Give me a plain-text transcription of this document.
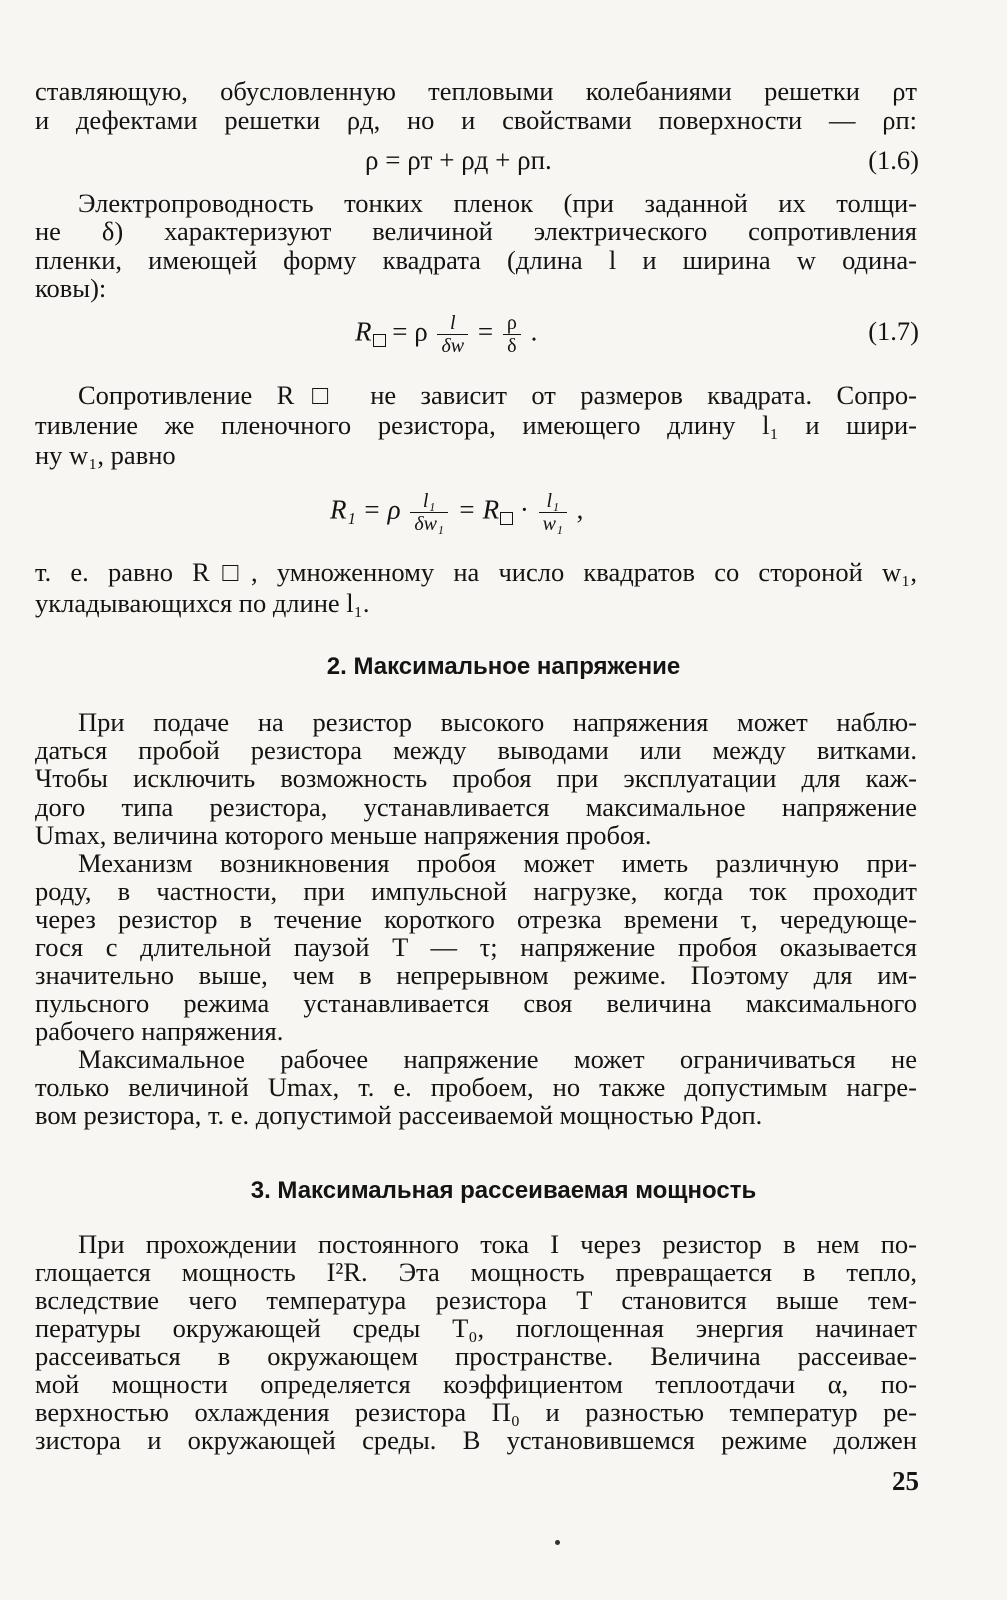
ставляющую, обусловленную тепловыми колебаниями решетки ρт
и дефектами решетки ρд, но и свойствами поверхности — ρп:
ρ = ρт + ρд + ρп.	(1.6)
Электропроводность тонких пленок (при заданной их толщи-
не δ) характеризуют величиной электрического сопротивления
пленки, имеющей форму квадрата (длина l и ширина w одина-
ковы):
R = ρ $\frac{l}{\delta w} = \frac{\rho}{\delta}$ .	(1.7)
Сопротивление R□ не зависит от размеров квадрата. Сопро-
тивление же пленочного резистора, имеющего длину l₁ и шири-
ну w₁, равно
R₁ = ρ $\frac{\text{l₁}}{\text{δw₁}} = R \cdot \frac{\text{l₁}}{\text{w₁}}$ ,
т. е. равно R□, умноженному на число квадратов со стороной w₁,
укладывающихся по длине l₁.
2. Максимальное напряжение
При подаче на резистор высокого напряжения может наблю-
даться пробой резистора между выводами или между витками.
Чтобы исключить возможность пробоя при эксплуатации для каж-
дого типа резистора, устанавливается максимальное напряжение
Umax, величина которого меньше напряжения пробоя.
Механизм возникновения пробоя может иметь различную при-
роду, в частности, при импульсной нагрузке, когда ток проходит
через резистор в течение короткого отрезка времени τ, чередующе-
гося с длительной паузой T — τ; напряжение пробоя оказывается
значительно выше, чем в непрерывном режиме. Поэтому для им-
пульсного режима устанавливается своя величина максимального
рабочего напряжения.
Максимальное рабочее напряжение может ограничиваться не
только величиной Umax, т. е. пробоем, но также допустимым нагре-
вом резистора, т. е. допустимой рассеиваемой мощностью Pдоп.
3. Максимальная рассеиваемая мощность
При прохождении постоянного тока I через резистор в нем по-
глощается мощность I²R. Эта мощность превращается в тепло,
вследствие чего температура резистора T становится выше тем-
пературы окружающей среды T₀, поглощенная энергия начинает
рассеиваться в окружающем пространстве. Величина рассеивае-
мой мощности определяется коэффициентом теплоотдачи α, по-
верхностью охлаждения резистора П₀ и разностью температур ре-
зистора и окружающей среды. В установившемся режиме должен
25
